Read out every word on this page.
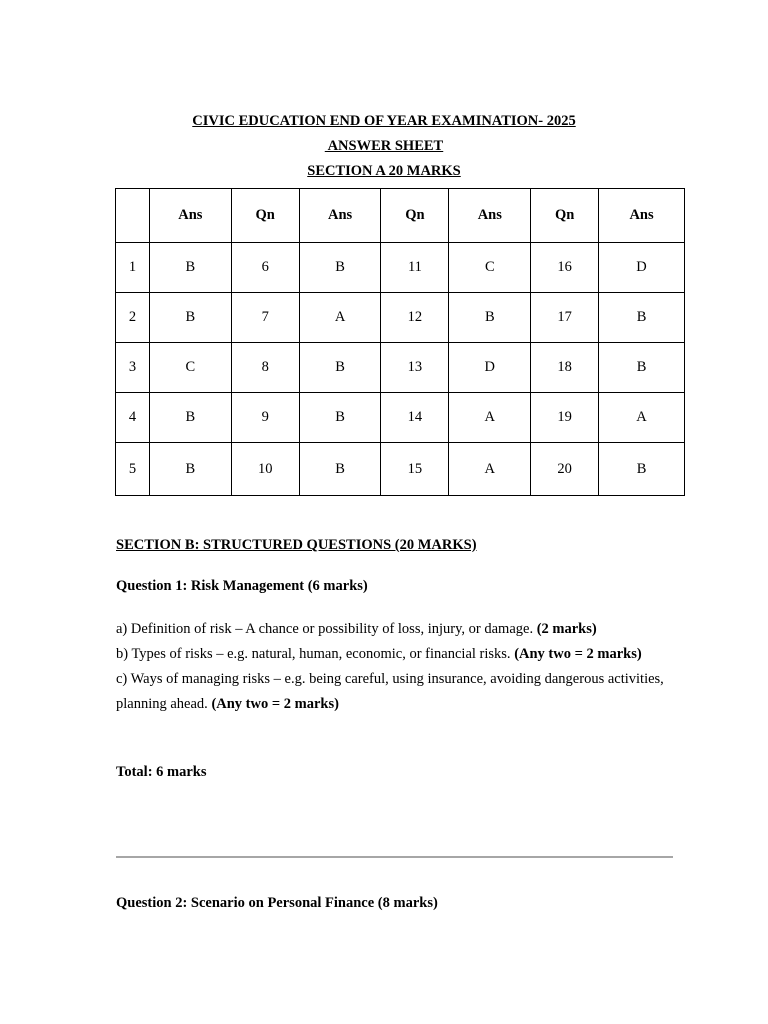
CIVIC EDUCATION END OF YEAR EXAMINATION- 2025
ANSWER SHEET
SECTION A 20 MARKS
	Ans	Qn	Ans	Qn	Ans	Qn	Ans
1	B	6	B	11	C	16	D
2	B	7	A	12	B	17	B
3	C	8	B	13	D	18	B
4	B	9	B	14	A	19	A
5	B	10	B	15	A	20	B
SECTION B: STRUCTURED QUESTIONS (20 MARKS)
Question 1: Risk Management (6 marks)
a) Definition of risk – A chance or possibility of loss, injury, or damage. (2 marks)
b) Types of risks – e.g. natural, human, economic, or financial risks. (Any two = 2 marks)
c) Ways of managing risks – e.g. being careful, using insurance, avoiding dangerous activities, planning ahead. (Any two = 2 marks)
Total: 6 marks
Question 2: Scenario on Personal Finance (8 marks)
